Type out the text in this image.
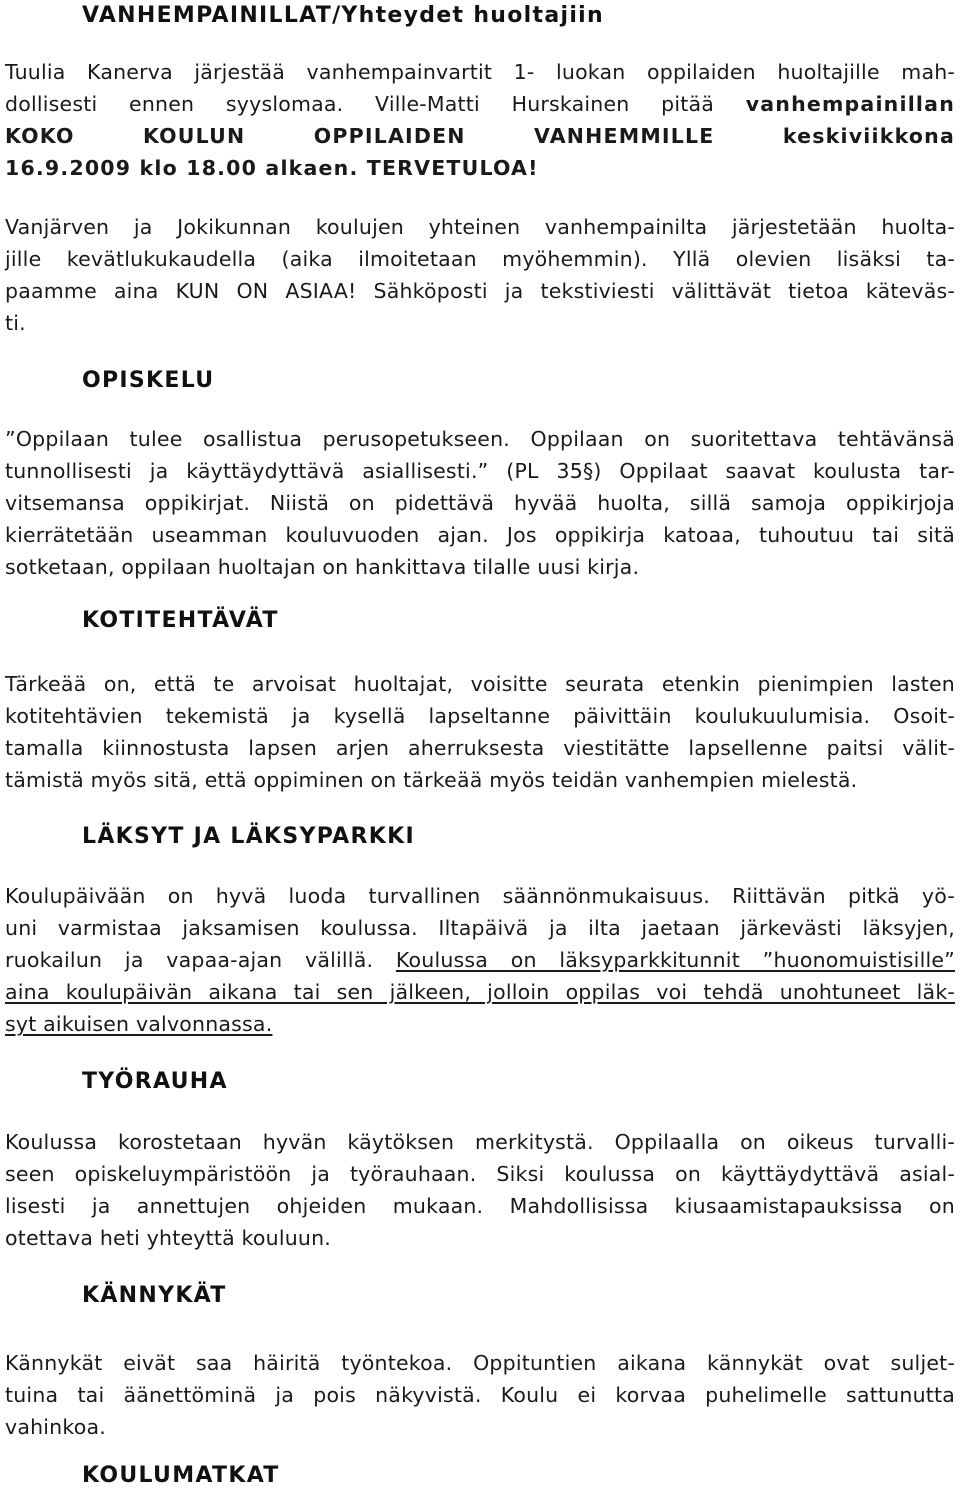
VANHEMPAINILLAT/Yhteydet huoltajiin
Tuulia Kanerva järjestää vanhempainvartit 1- luokan oppilaiden huoltajille mah-
dollisesti ennen syyslomaa. Ville-Matti Hurskainen pitää vanhempainillan
KOKO KOULUN OPPILAIDEN VANHEMMILLE keskiviikkona
16.9.2009 klo 18.00 alkaen. TERVETULOA!
Vanjärven ja Jokikunnan koulujen yhteinen vanhempainilta järjestetään huolta-
jille kevätlukukaudella (aika ilmoitetaan myöhemmin). Yllä olevien lisäksi ta-
paamme aina KUN ON ASIAA! Sähköposti ja tekstiviesti välittävät tietoa käteväs-
ti.
OPISKELU
”Oppilaan tulee osallistua perusopetukseen. Oppilaan on suoritettava tehtävänsä
tunnollisesti ja käyttäydyttävä asiallisesti.” (PL 35§) Oppilaat saavat koulusta tar-
vitsemansa oppikirjat. Niistä on pidettävä hyvää huolta, sillä samoja oppikirjoja
kierrätetään useamman kouluvuoden ajan. Jos oppikirja katoaa, tuhoutuu tai sitä
sotketaan, oppilaan huoltajan on hankittava tilalle uusi kirja.
KOTITEHTÄVÄT
Tärkeää on, että te arvoisat huoltajat, voisitte seurata etenkin pienimpien lasten
kotitehtävien tekemistä ja kysellä lapseltanne päivittäin koulukuulumisia. Osoit-
tamalla kiinnostusta lapsen arjen aherruksesta viestitätte lapsellenne paitsi välit-
tämistä myös sitä, että oppiminen on tärkeää myös teidän vanhempien mielestä.
LÄKSYT JA LÄKSYPARKKI
Koulupäivään on hyvä luoda turvallinen säännönmukaisuus. Riittävän pitkä yö-
uni varmistaa jaksamisen koulussa. Iltapäivä ja ilta jaetaan järkevästi läksyjen,
ruokailun ja vapaa-ajan välillä. Koulussa on läksyparkkitunnit ”huonomuistisille”
aina koulupäivän aikana tai sen jälkeen, jolloin oppilas voi tehdä unohtuneet läk-
syt aikuisen valvonnassa.
TYÖRAUHA
Koulussa korostetaan hyvän käytöksen merkitystä. Oppilaalla on oikeus turvalli-
seen opiskeluympäristöön ja työrauhaan. Siksi koulussa on käyttäydyttävä asial-
lisesti ja annettujen ohjeiden mukaan. Mahdollisissa kiusaamistapauksissa on
otettava heti yhteyttä kouluun.
KÄNNYKÄT
Kännykät eivät saa häiritä työntekoa. Oppituntien aikana kännykät ovat suljet-
tuina tai äänettöminä ja pois näkyvistä. Koulu ei korvaa puhelimelle sattunutta
vahinkoa.
KOULUMATKAT
